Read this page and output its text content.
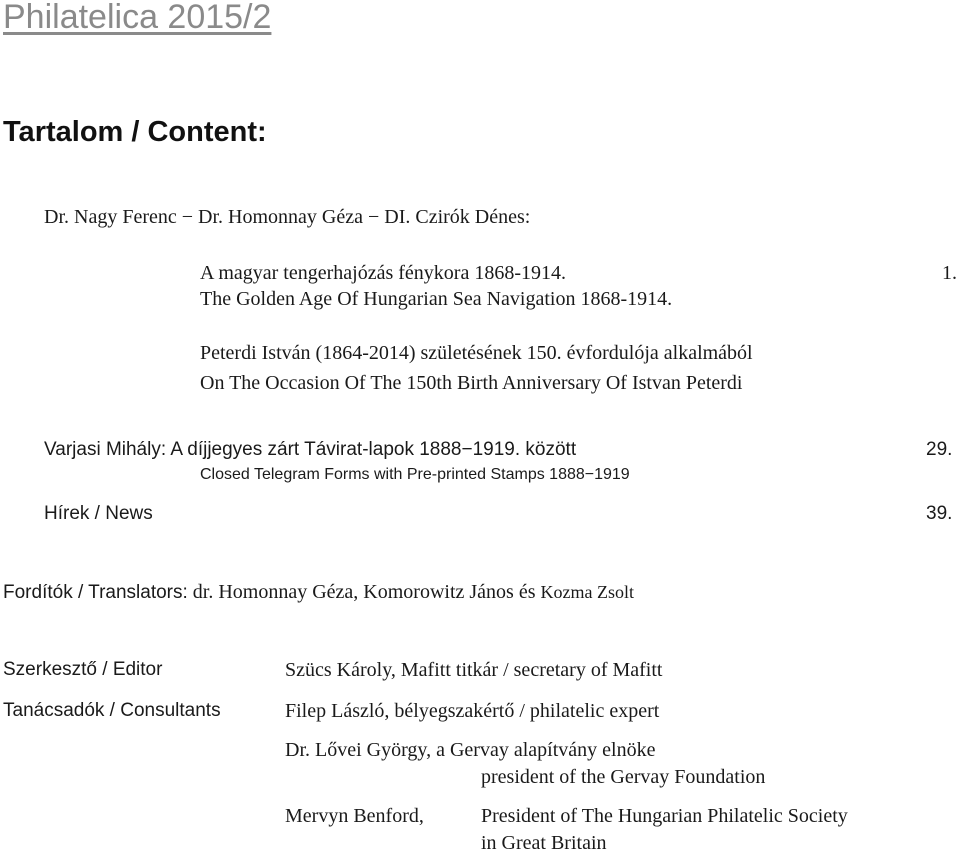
Philatelica 2015/2
Tartalom / Content:
Dr. Nagy Ferenc − Dr. Homonnay Géza − DI. Czirók Dénes:
A magyar tengerhajózás fénykora 1868-1914.	1.
The Golden Age Of Hungarian Sea Navigation 1868-1914.
Peterdi István (1864-2014) születésének 150. évfordulója alkalmából
On The Occasion Of The 150th Birth Anniversary Of Istvan Peterdi
Varjasi Mihály: A díjjegyes zárt Távirat-lapok 1888−1919. között	29.
Closed Telegram Forms with Pre-printed Stamps 1888−1919
Hírek / News	39.
Fordítók / Translators: dr. Homonnay Géza, Komorowitz János és Kozma Zsolt
Szerkesztő / Editor	Szücs Károly, Mafitt titkár / secretary of Mafitt
Tanácsadók / Consultants	Filep László, bélyegszakértő / philatelic expert
Dr. Lővei György, a Gervay alapítvány elnöke
president of the Gervay Foundation
Mervyn Benford,	President of The Hungarian Philatelic Society
in Great Britain
